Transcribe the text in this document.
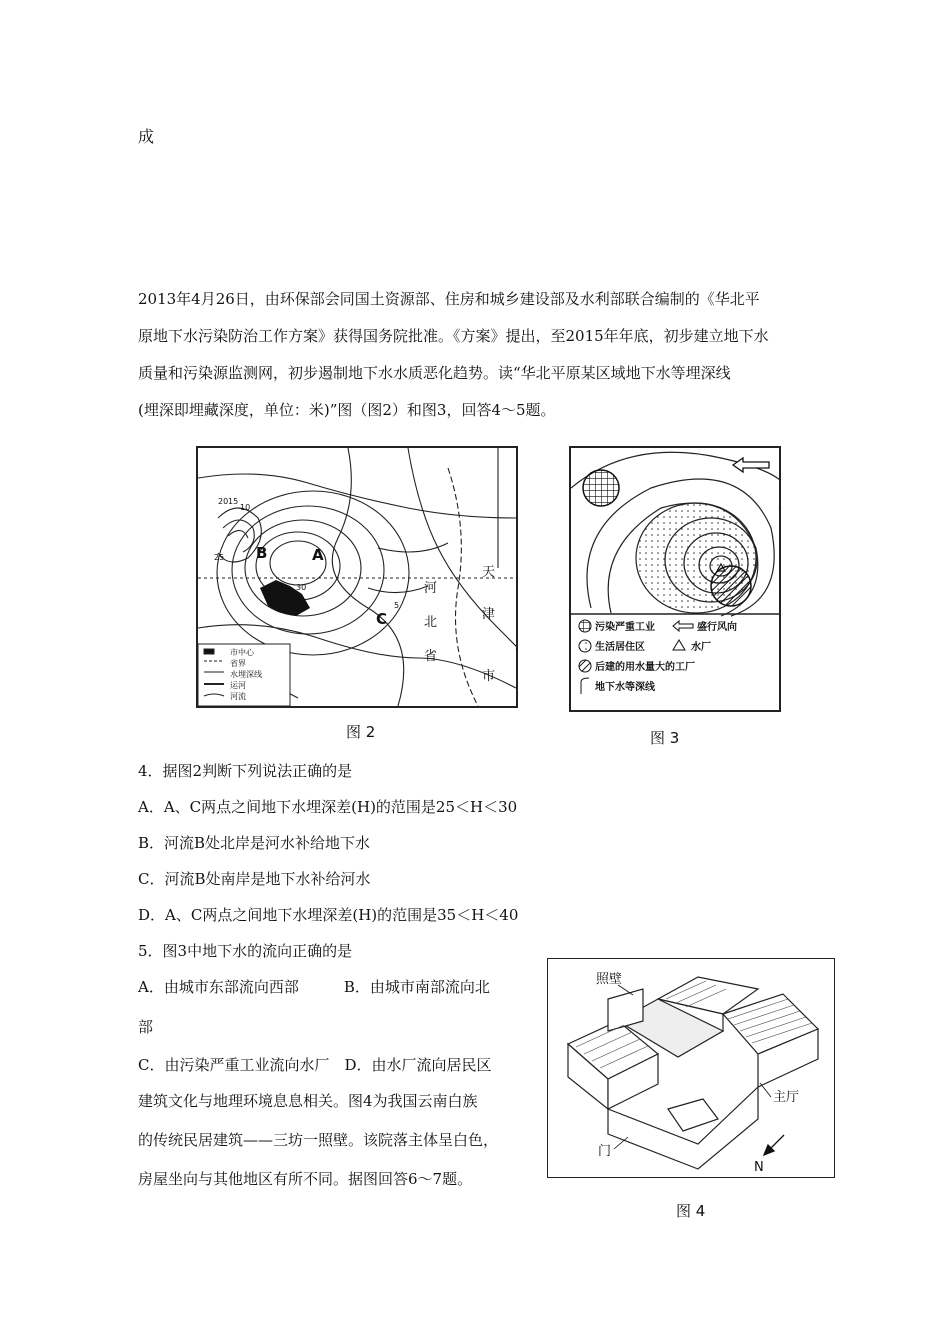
成
2013年4月26日，由环保部会同国土资源部、住房和城乡建设部及水利部联合编制的《华北平
原地下水污染防治工作方案》获得国务院批准。《方案》提出，至2015年年底，初步建立地下水
质量和污染源监测网，初步遏制地下水水质恶化趋势。读“华北平原某区域地下水等埋深线
(埋深即埋藏深度，单位：米)”图（图2）和图3，回答4～5题。
市中心
省界
水埋深线
运河
河流
A
B
C
30
20 15
10
25
5
河
北
省
天
津
市
图 2
污染严重工业	盛行风向
生活居住区	水厂
后建的用水量大的工厂
地下水等深线
图 3
4．据图2判断下列说法正确的是
A．A、C两点之间地下水埋深差(H)的范围是25＜H＜30
B．河流B处北岸是河水补给地下水
C．河流B处南岸是地下水补给河水
D．A、C两点之间地下水埋深差(H)的范围是35＜H＜40
5．图3中地下水的流向正确的是
A．由城市东部流向西部　　　B．由城市南部流向北
部
C．由污染严重工业流向水厂　D．由水厂流向居民区
建筑文化与地理环境息息相关。图4为我国云南白族
的传统民居建筑——三坊一照壁。该院落主体呈白色，
房屋坐向与其他地区有所不同。据图回答6～7题。
照壁
主厅
门
N
图 4
